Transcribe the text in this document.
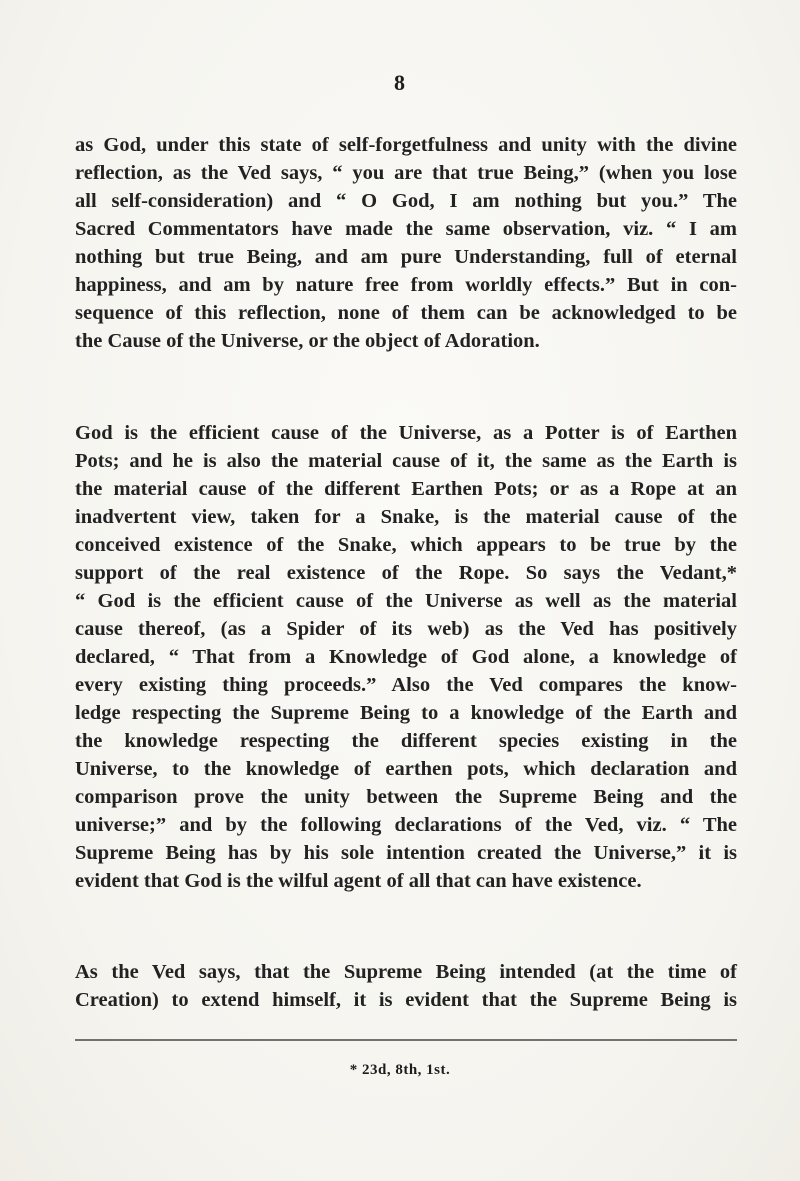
8
as God, under this state of self-forgetfulness and unity with the divine
reflection, as the Ved says, “ you are that true Being,” (when you lose
all self-consideration) and “ O God, I am nothing but you.” The
Sacred Commentators have made the same observation, viz. “ I am
nothing but true Being, and am pure Understanding, full of eternal
happiness, and am by nature free from worldly effects.” But in con-
sequence of this reflection, none of them can be acknowledged to be
the Cause of the Universe, or the object of Adoration.
God is the efficient cause of the Universe, as a Potter is of Earthen
Pots; and he is also the material cause of it, the same as the Earth is
the material cause of the different Earthen Pots; or as a Rope at an
inadvertent view, taken for a Snake, is the material cause of the
conceived existence of the Snake, which appears to be true by the
support of the real existence of the Rope. So says the Vedant,*
“ God is the efficient cause of the Universe as well as the material
cause thereof, (as a Spider of its web) as the Ved has positively
declared, “ That from a Knowledge of God alone, a knowledge of
every existing thing proceeds.” Also the Ved compares the know-
ledge respecting the Supreme Being to a knowledge of the Earth and
the knowledge respecting the different species existing in the
Universe, to the knowledge of earthen pots, which declaration and
comparison prove the unity between the Supreme Being and the
universe;” and by the following declarations of the Ved, viz. “ The
Supreme Being has by his sole intention created the Universe,” it is
evident that God is the wilful agent of all that can have existence.
As the Ved says, that the Supreme Being intended (at the time of
Creation) to extend himself, it is evident that the Supreme Being is
* 23d, 8th, 1st.
